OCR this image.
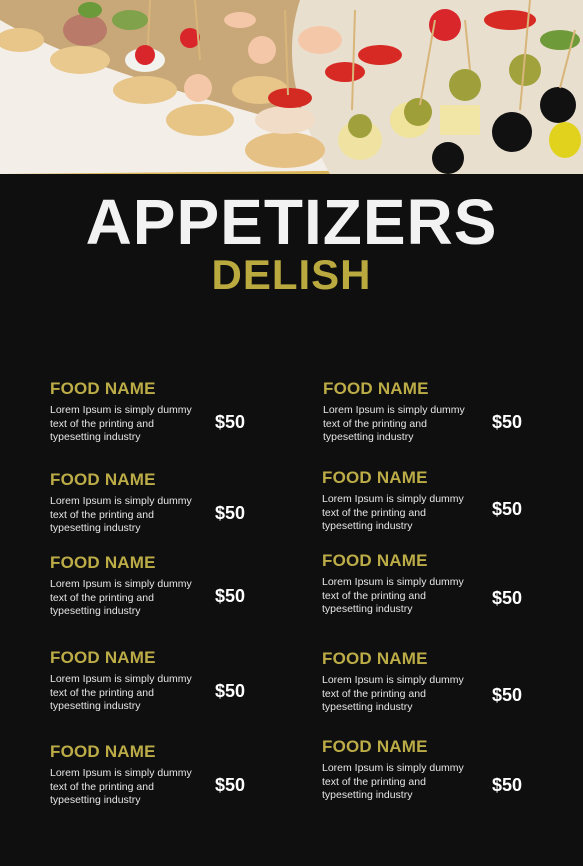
APPETIZERS
DELISH
FOOD NAME
Lorem Ipsum is simply dummy text of the printing and typesetting industry
$50
FOOD NAME
Lorem Ipsum is simply dummy text of the printing and typesetting industry
$50
FOOD NAME
Lorem Ipsum is simply dummy text of the printing and typesetting industry
$50
FOOD NAME
Lorem Ipsum is simply dummy text of the printing and typesetting industry
$50
FOOD NAME
Lorem Ipsum is simply dummy text of the printing and typesetting industry
$50
FOOD NAME
Lorem Ipsum is simply dummy text of the printing and typesetting industry
$50
FOOD NAME
Lorem Ipsum is simply dummy text of the printing and typesetting industry
$50
FOOD NAME
Lorem Ipsum is simply dummy text of the printing and typesetting industry
$50
FOOD NAME
Lorem Ipsum is simply dummy text of the printing and typesetting industry
$50
FOOD NAME
Lorem Ipsum is simply dummy text of the printing and typesetting industry
$50
